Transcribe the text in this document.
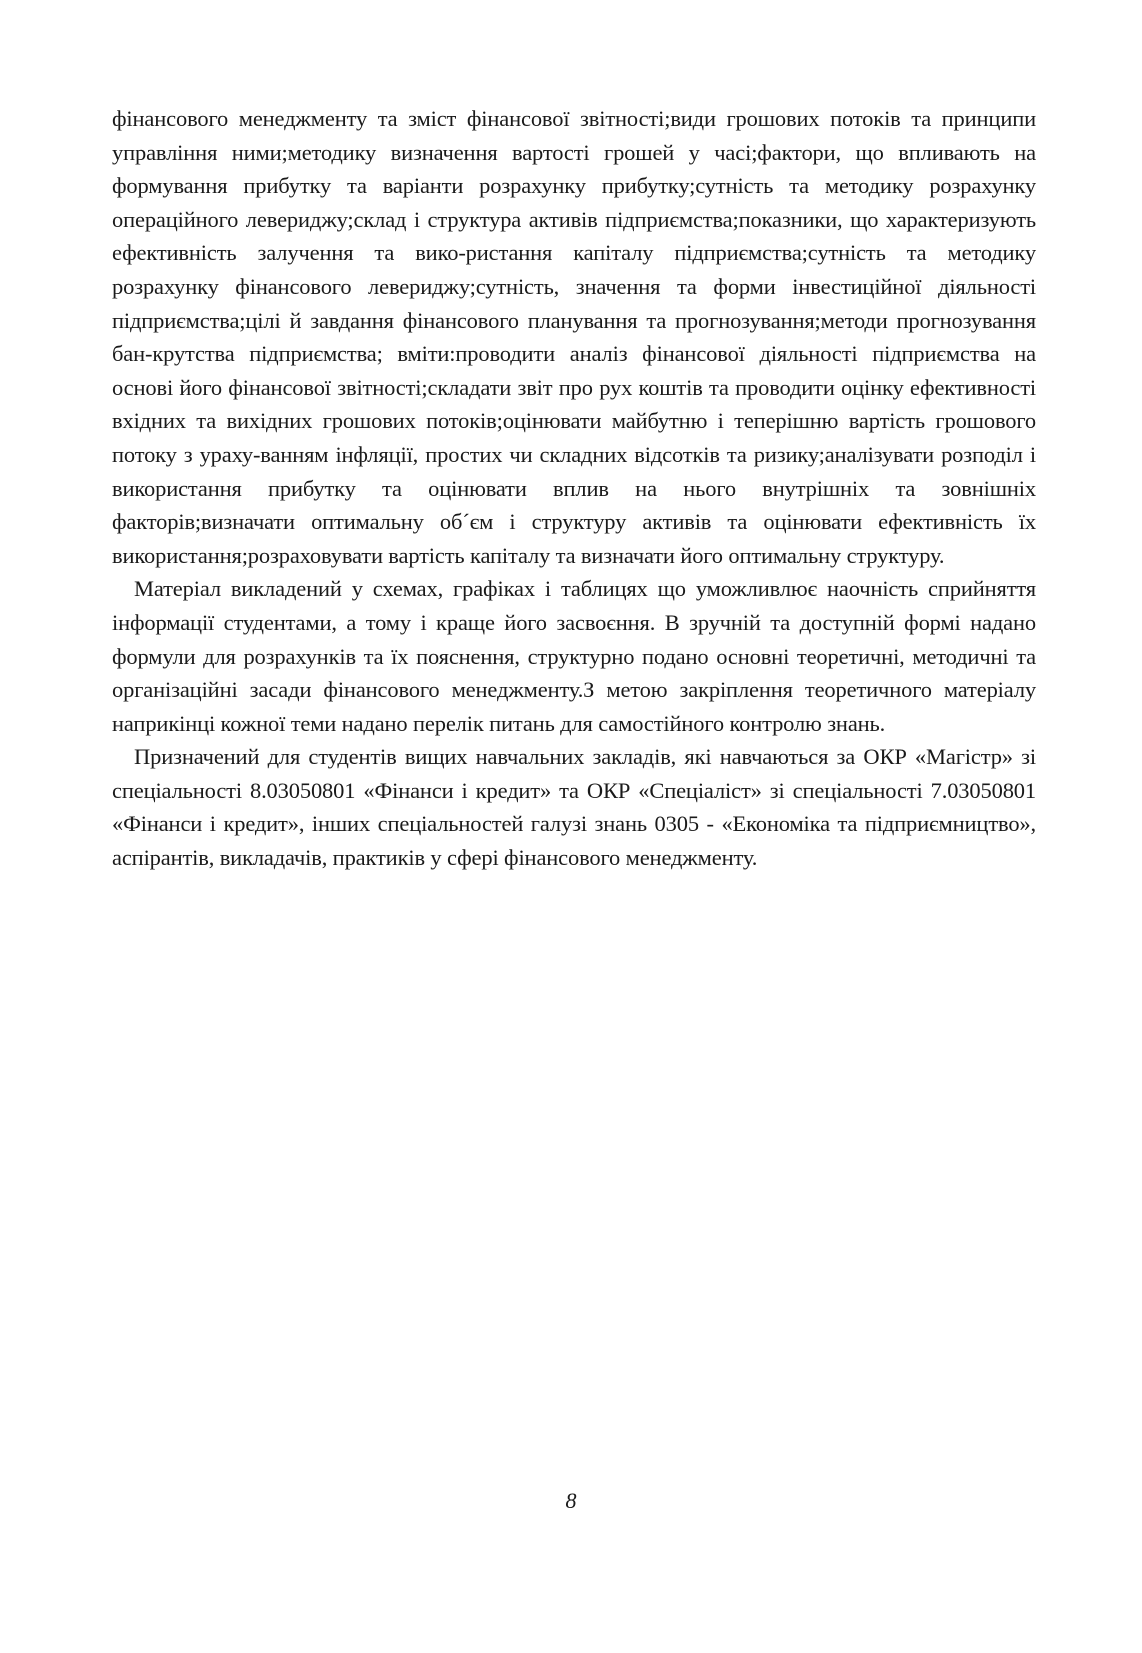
фінансового менеджменту та зміст фінансової звітності;види грошових потоків та принципи управління ними;методику визначення вартості грошей у часі;фактори, що впливають на формування прибутку та варіанти розрахунку прибутку;сутність та методику розрахунку операційного левериджу;склад і структура активів підприємства;показники, що характеризують ефективність залучення та вико-ристання капіталу підприємства;сутність та методику розрахунку фінансового левериджу;сутність, значення та форми інвестиційної діяльності підприємства;цілі й завдання фінансового планування та прогнозування;методи прогнозування бан-крутства підприємства; вміти:проводити аналіз фінансової діяльності підприємства на основі його фінансової звітності;складати звіт про рух коштів та проводити оцінку ефективності вхідних та вихідних грошових потоків;оцінювати майбутню і теперішню вартість грошового потоку з ураху-ванням інфляції, простих чи складних відсотків та ризику;аналізувати розподіл і використання прибутку та оцінювати вплив на нього внутрішніх та зовнішніх факторів;визначати оптимальну об´єм і структуру активів та оцінювати ефективність їх використання;розраховувати вартість капіталу та визначати його оптимальну структуру.

Матеріал викладений у схемах, графіках і таблицях що уможливлює наочність сприйняття інформації студентами, а тому і краще його засвоєння. В зручній та доступній формі надано формули для розрахунків та їх пояснення, структурно подано основні теоретичні, методичні та організаційні засади фінансового менеджменту.З метою закріплення теоретичного матеріалу наприкінці кожної теми надано перелік питань для самостійного контролю знань.

Призначений для студентів вищих навчальних закладів, які навчаються за ОКР «Магістр» зі спеціальності 8.03050801 «Фінанси і кредит» та ОКР «Спеціаліст» зі спеціальності 7.03050801 «Фінанси і кредит», інших спеціальностей галузі знань 0305 - «Економіка та підприємництво», аспірантів, викладачів, практиків у сфері фінансового менеджменту.

8
